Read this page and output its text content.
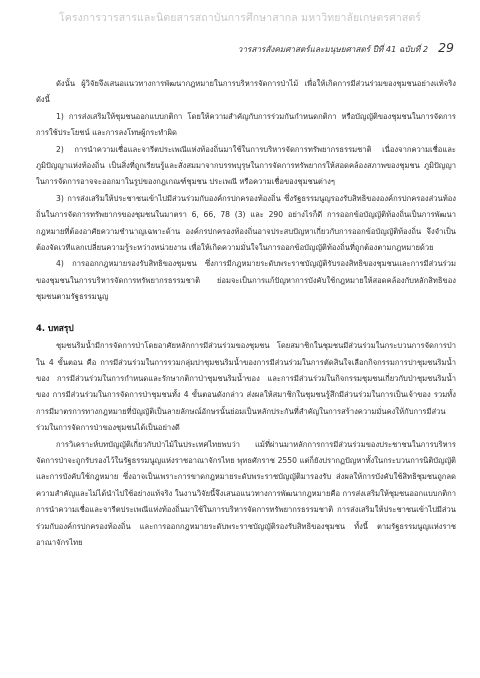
โครงการวารสารและนิตยสารสถาบันการศึกษาสากล มหาวิทยาลัยเกษตรศาสตร์
วารสารสังคมศาสตร์และมนุษยศาสตร์ ปีที่ 41 ฉบับที่ 2 29

ดังนั้น ผู้วิจัยจึงเสนอแนวทางการพัฒนากฎหมายในการบริหารจัดการป่าไม้ เพื่อให้เกิดการมีส่วนร่วมของชุมชนอย่างแท้จริง ดังนี้

1) การส่งเสริมให้ชุมชนออกแบบกติกา โดยให้ความสำคัญกับการร่วมกันกำหนดกติกา หรือบัญญัติของชุมชนในการจัดการ การใช้ประโยชน์ และการลงโทษผู้กระทำผิด

2) การนำความเชื่อและจารีตประเพณีแห่งท้องถิ่นมาใช้ในการบริหารจัดการทรัพยากรธรรมชาติ เนื่องจากความเชื่อและภูมิปัญญาแห่งท้องถิ่น เป็นสิ่งที่ถูกเรียนรู้และสั่งสมมาจากบรรพบุรุษในการจัดการทรัพยากรให้สอดคล้องสภาพของชุมชน ภูมิปัญญาในการจัดการอาจจะออกมาในรูปของกฎเกณฑ์ชุมชน ประเพณี หรือความเชื่อของชุมชนต่างๆ

3) การส่งเสริมให้ประชาชนเข้าไปมีส่วนร่วมกับองค์กรปกครองท้องถิ่น ซึ่งรัฐธรรมนูญรองรับสิทธิขององค์กรปกครองส่วนท้องถิ่นในการจัดการทรัพยากรของชุมชนในมาตรา 6, 66, 78 (3) และ 290 อย่างไรก็ดี การออกข้อบัญญัติท้องถิ่นเป็นการพัฒนากฎหมายที่ต้องอาศัยความชำนาญเฉพาะด้าน องค์กรปกครองท้องถิ่นอาจประสบปัญหาเกี่ยวกับการออกข้อบัญญัติท้องถิ่น จึงจำเป็นต้องจัดเวทีแลกเปลี่ยนความรู้ระหว่างหน่วยงาน เพื่อให้เกิดความมั่นใจในการออกข้อบัญญัติท้องถิ่นที่ถูกต้องตามกฎหมายด้วย

4) การออกกฎหมายรองรับสิทธิของชุมชน ซึ่งการมีกฎหมายระดับพระราชบัญญัติรับรองสิทธิของชุมชนและการมีส่วนร่วมของชุมชนในการบริหารจัดการทรัพยากรธรรมชาติ ย่อมจะเป็นการแก้ปัญหาการบังคับใช้กฎหมายให้สอดคล้องกับหลักสิทธิของชุมชนตามรัฐธรรมนูญ

4. บทสรุป

ชุมชนริมน้ำมีการจัดการป่าโดยอาศัยหลักการมีส่วนร่วมของชุมชน โดยสมาชิกในชุมชนมีส่วนร่วมในกระบวนการจัดการป่า ใน 4 ขั้นตอน คือ การมีส่วนร่วมในการรวมกลุ่มปาชุมชนริมน้ำของการมีส่วนร่วมในการตัดสินใจเลือกกิจกรรมการปาชุมชนริมน้ำของ การมีส่วนร่วมในการกำหนดและรักษากติกาป่าชุมชนริมน้ำของ และการมีส่วนร่วมในกิจกรรมชุมชนเกี่ยวกับป่าชุมชนริมน้ำของ การมีส่วนร่วมในการจัดการป่าชุมชนทั้ง 4 ขั้นตอนดังกล่าว ส่งผลให้สมาชิกในชุมชนรู้สึกมีส่วนร่วมในการเป็นเจ้าของ รวมทั้งการมีมาตรการทางกฎหมายที่บัญญัติเป็นลายลักษณ์อักษรนั้นย่อมเป็นหลักประกันที่สำคัญในการสร้างความมั่นคงให้กับการมีส่วนร่วมในการจัดการป่าของชุมชนได้เป็นอย่างดี

การวิเคราะห์บทบัญญัติเกี่ยวกับป่าไม้ในประเทศไทยพบว่า แม้ที่ผ่านมาหลักการการมีส่วนร่วมของประชาชนในการบริหารจัดการป่าจะถูกรับรองไว้ในรัฐธรรมนูญแห่งราชอาณาจักรไทย พุทธศักราช 2550 แต่ก็ยังปรากฏปัญหาทั้งในกระบวนการนิติบัญญัติและการบังคับใช้กฎหมาย ซึ่งอาจเป็นเพราะการขาดกฎหมายระดับพระราชบัญญัติมารองรับ ส่งผลให้การบังคับใช้สิทธิชุมชนถูกลดความสำคัญและไม่ได้นำไปใช้อย่างแท้จริง ในงานวิจัยนี้จึงเสนอแนวทางการพัฒนากฎหมายคือ การส่งเสริมให้ชุมชนออกแบบกติกา การนำความเชื่อและจารีตประเพณีแห่งท้องถิ่นมาใช้ในการบริหารจัดการทรัพยากรธรรมชาติ การส่งเสริมให้ประชาชนเข้าไปมีส่วนร่วมกับองค์กรปกครองท้องถิ่น และการออกกฎหมายระดับพระราชบัญญัติรองรับสิทธิของชุมชน ทั้งนี้ ตามรัฐธรรมนูญแห่งราชอาณาจักรไทย
